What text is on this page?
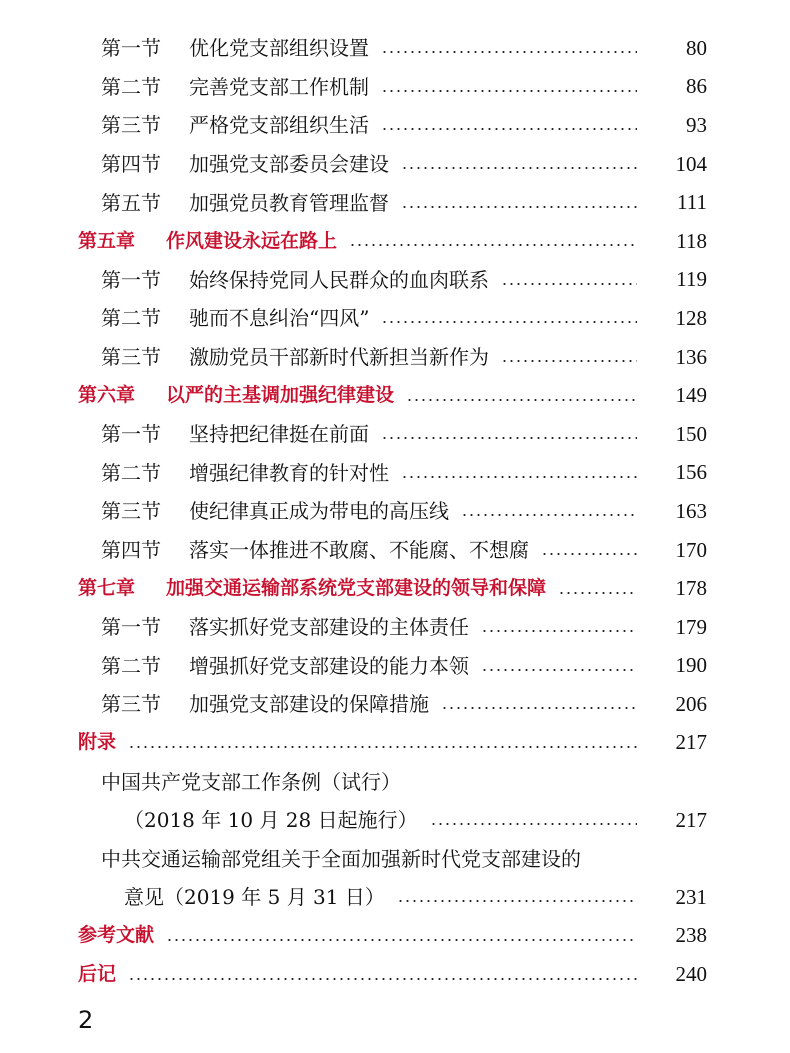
第一节	优化党支部组织设置	80
第二节	完善党支部工作机制	86
第三节	严格党支部组织生活	93
第四节	加强党支部委员会建设	104
第五节	加强党员教育管理监督	111
第五章	作风建设永远在路上	118
第一节	始终保持党同人民群众的血肉联系	119
第二节	驰而不息纠治“四风”	128
第三节	激励党员干部新时代新担当新作为	136
第六章	以严的主基调加强纪律建设	149
第一节	坚持把纪律挺在前面	150
第二节	增强纪律教育的针对性	156
第三节	使纪律真正成为带电的高压线	163
第四节	落实一体推进不敢腐、不能腐、不想腐	170
第七章	加强交通运输部系统党支部建设的领导和保障	178
第一节	落实抓好党支部建设的主体责任	179
第二节	增强抓好党支部建设的能力本领	190
第三节	加强党支部建设的保障措施	206
附录	217
中国共产党支部工作条例（试行）
（2018 年 10 月 28 日起施行）	217
中共交通运输部党组关于全面加强新时代党支部建设的
意见（2019 年 5 月 31 日）	231
参考文献	238
后记	240
2
